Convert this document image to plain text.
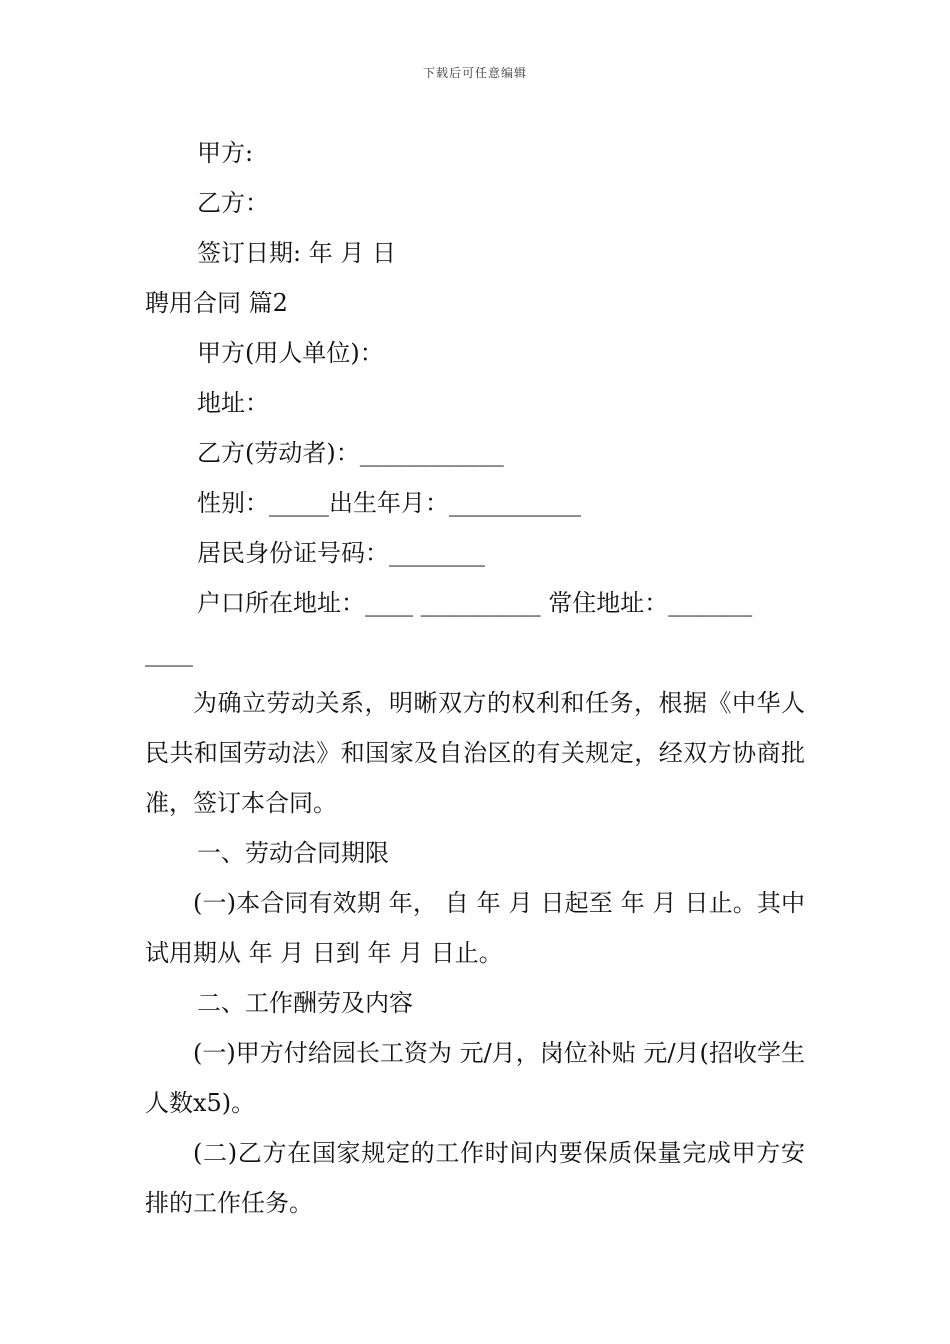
下载后可任意编辑
甲方:
乙方：
签订日期: 年 月 日
聘用合同 篇2
甲方(用人单位)：
地址：
乙方(劳动者)：____________
性别：_____出生年月：___________
居民身份证号码：________
户口所在地址：____ __________ 常住地址：_______
____
为确立劳动关系，明晰双方的权利和任务，根据《中华人民共和国劳动法》和国家及自治区的有关规定，经双方协商批准，签订本合同。
一、劳动合同期限
(一)本合同有效期 年， 自 年 月 日起至 年 月 日止。其中试用期从 年 月 日到 年 月 日止。
二、工作酬劳及内容
(一)甲方付给园长工资为 元/月，岗位补贴 元/月(招收学生人数x5)。
(二)乙方在国家规定的工作时间内要保质保量完成甲方安排的工作任务。
